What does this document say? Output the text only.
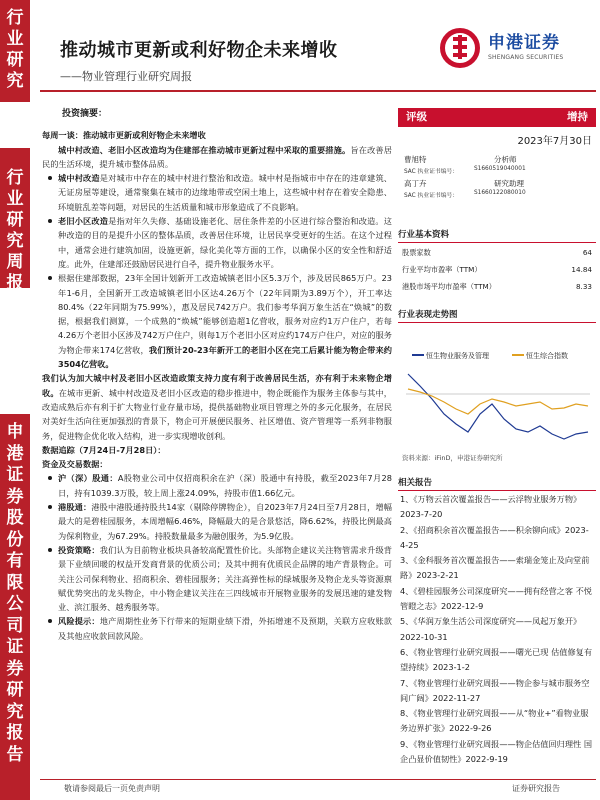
行业研究
行业研究周报
申港证券股份有限公司证券研究报告
推动城市更新或利好物企未来增收
——物业管理行业研究周报
申港证券
SHENGANG SECURITIES
投资摘要：

每周一谈：推动城市更新或利好物企未来增收

城中村改造、老旧小区改造均为住建部在推动城市更新过程中采取的重要措施。旨在改善居民的生活环境，提升城市整体品质。

城中村改造是对城市中存在的城中村进行整治和改造。城中村是指城市中存在的违章建筑、无证房屋等建设，通常聚集在城市的边缘地带或空闲土地上，这些城中村存在着安全隐患、环境脏乱差等问题，对居民的生活质量和城市形象造成了不良影响。

老旧小区改造是指对年久失修、基础设施老化、居住条件差的小区进行综合整治和改造。这种改造的目的是提升小区的整体品质，改善居住环境，让居民享受更好的生活。在这个过程中，通常会进行建筑加固，设施更新，绿化美化等方面的工作，以确保小区的安全性和舒适度。此外，住建部还鼓励居民进行自주，提升物业服务水平。

根据住建部数据，23年全国计划新开工改造城镇老旧小区5.3万个，涉及居民865万户。23年1-6月，全国新开工改造城镇老旧小区达4.26万个（22年同期为3.89万个），开工率达80.4%（22年同期为75.99%），惠及居民742万户。我们参考华润万象生活在“焕城”的数据，根据我们测算，一个成熟的“焕城”能够创造超1亿营收，服务对应约1万户住户，若每4.26万个老旧小区涉及742万户住户，则每1万个老旧小区对应约174万户住户，对应的服务为物企带来174亿营收，我们预计20-23年新开工的老旧小区在完工后累计能为物企带来约3504亿营收。

我们认为加大城中村及老旧小区改造政策支持力度有利于改善居民生活，亦有利于未来物企增收。在城市更新、城中村改造及老旧小区改造的稳步推进中，物企既能作为服务主体参与其中，改造成熟后亦有利于扩大物业行业存量市场，提供基础物业项目管理之外的多元化服务，在居民对美好生活向往更加强烈的背景下，物企可开展便民服务、社区增值、资产管理等一系列非物服务，促进物企优化收入结构，进一步实现增收创利。

数据追踪（7月24日-7月28日）：

资金及交易数据：

沪（深）股通：A股物业公司中仅招商积余在沪（深）股通中有持股，截至2023年7月28日，持有1039.3万股，较上周上涨24.09%，持股市值1.66亿元。

港股通：港股中港股通持股共14家（剔除停牌物企），自2023年7月24日至7月28日，增幅最大的是碧桂园服务，本周增幅6.46%，降幅最大的是合景悠活，降6.62%，持股比例最高为保利物业，为67.29%。持股数量最多为融创服务，为5.9亿股。

投资策略：我们认为目前物业板块具备较高配置性价比。头部物企建议关注物管需求升级背景下业绩回暖的权益开发商背景的优质公司；及其中拥有优质民企品牌的地产背景物企。可关注公司保利物业、招商积余、碧桂园服务；关注高弹性标的绿城服务及物企龙头等资源禀赋优势突出的龙头物企，中小物企建议关注在三四线城市开展物业服务的发展迅速的建发物业、滨江服务、越秀服务等。

风险提示：地产周期性业务下行带来的短期业绩下滑，外拓增速不及预期，关联方应收账款及其他应收款回款风险。

评级	增持
2023年7月30日
曹旭特	分析师
SAC 执业证书编号：	S1660519040001
高丁卉	研究助理
SAC 执业证书编号：	S1660122080010
行业基本资料
股票家数	64
行业平均市盈率（TTM）	14.84
港股市场平均市盈率（TTM）	8.33
行业表现走势图
恒生物业服务及管理	恒生综合指数
资料来源：iFinD，申港证券研究所
相关报告
1、《万物云首次覆盖报告——云浮物业服务万物》2023-7-20
2、《招商积余首次覆盖报告——积余铆向成》2023-4-25
3、《金科服务首次覆盖报告——索瑞金笼止及向堂前路》2023-2-21
4、《碧桂园服务公司深度研究——拥有经营之客 不悦管瞪之志》2022-12-9
5、《华润万象生活公司深度研究——凤起万象开》2022-10-31
6、《物业管理行业研究周报——曙光已现 估值修复有望持续》2023-1-2
7、《物业管理行业研究周报——物企参与城市服务空间广阔》2022-11-27
8、《物业管理行业研究周报——从“物业+”看物业服务边界扩张》2022-9-26
9、《物业管理行业研究周报——物企估值回归理性 国企凸显价值韧性》2022-9-19
敬请参阅最后一页免责声明	证券研究报告
